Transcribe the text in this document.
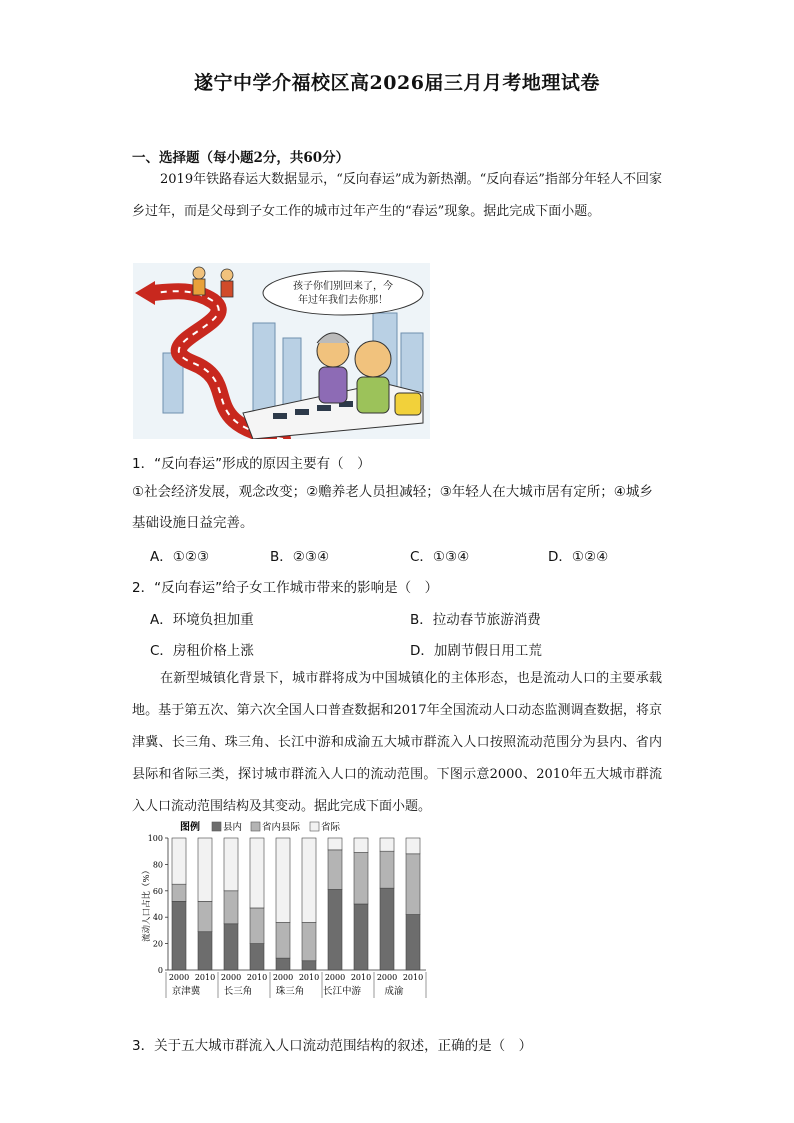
遂宁中学介福校区高2026届三月月考地理试卷
一、选择题（每小题2分，共60分）
2019年铁路春运大数据显示，“反向春运”成为新热潮。“反向春运”指部分年轻人不回家乡过年，而是父母到子女工作的城市过年产生的“春运”现象。据此完成下面小题。
孩子你们别回来了，今
年过年我们去你那！
1．“反向春运”形成的原因主要有（　）
①社会经济发展，观念改变；②赡养老人员担减轻；③年轻人在大城市居有定所；④城乡基础设施日益完善。
A．①②③	B．②③④	C．①③④	D．①②④
2．“反向春运”给子女工作城市带来的影响是（　）
A．环境负担加重	B．拉动春节旅游消费
C．房租价格上涨	D．加剧节假日用工荒
在新型城镇化背景下，城市群将成为中国城镇化的主体形态，也是流动人口的主要承载地。基于第五次、第六次全国人口普查数据和2017年全国流动人口动态监测调查数据，将京津冀、长三角、珠三角、长江中游和成渝五大城市群流入人口按照流动范围分为县内、省内县际和省际三类，探讨城市群流入人口的流动范围。下图示意2000、2010年五大城市群流入人口流动范围结构及其变动。据此完成下面小题。
图例 县内 省内县际 省际
0
20
40
60
80
100
流动人口占比（%）
2000 2010 2000 2010 2000 2010 2000 2010 2000 2010
京津冀 长三角 珠三角 长江中游 成渝
3．关于五大城市群流入人口流动范围结构的叙述，正确的是（　）
